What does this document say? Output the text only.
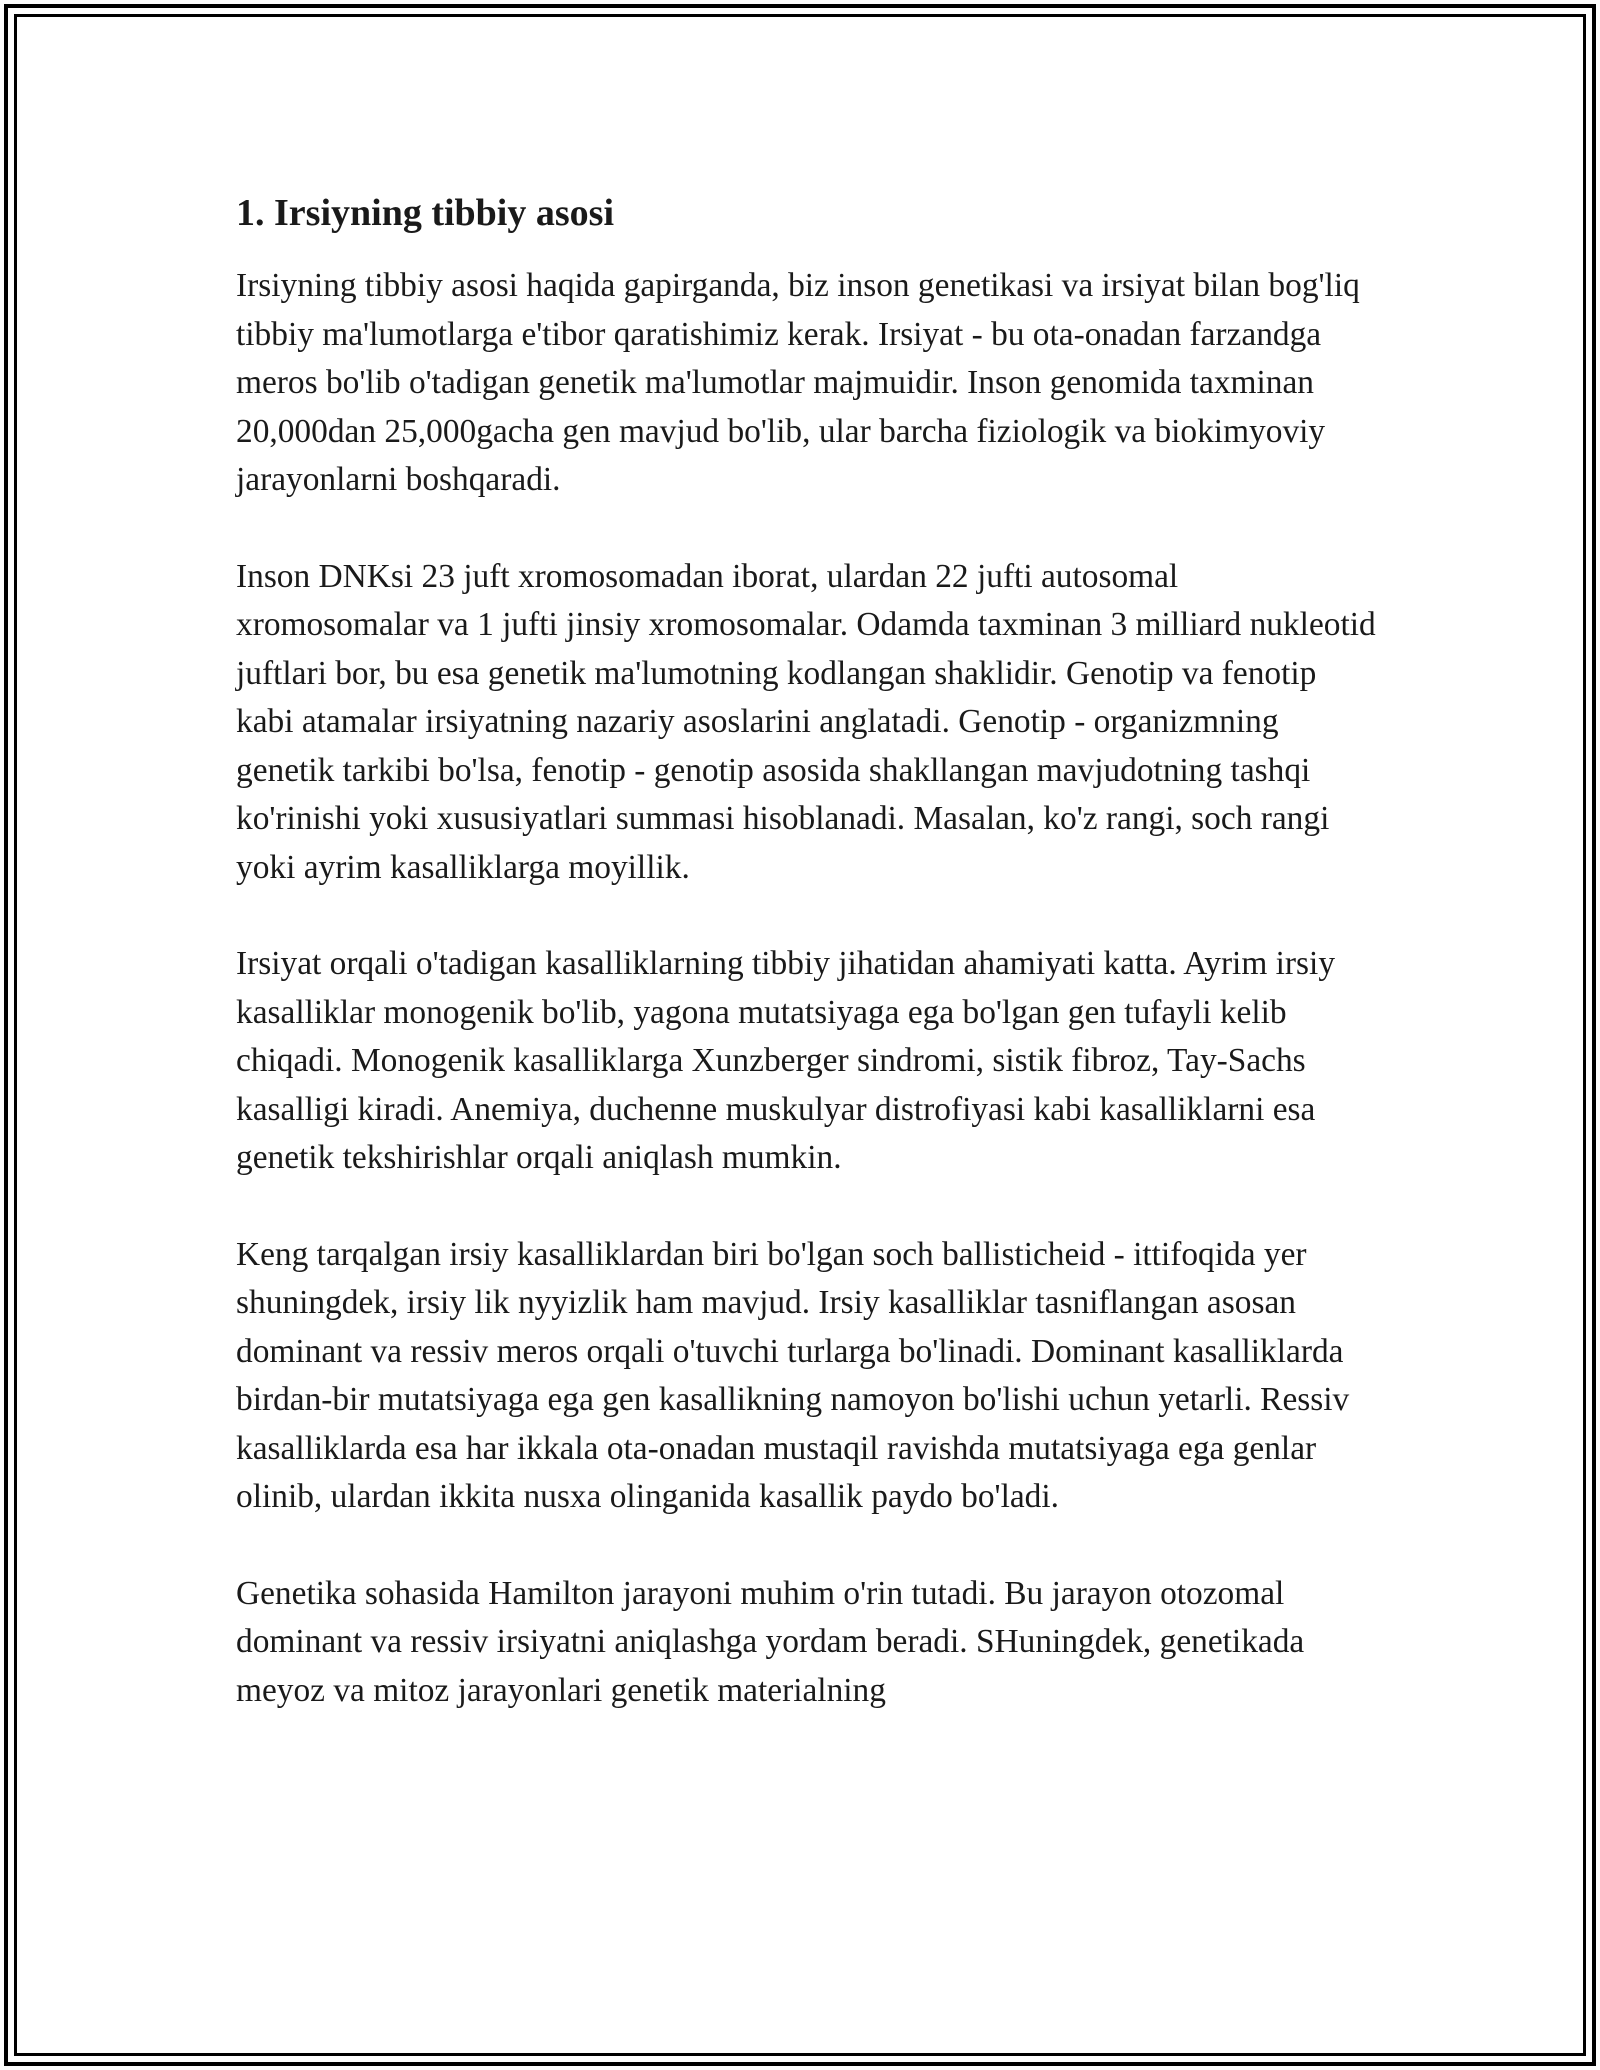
1. Irsiyning tibbiy asosi

Irsiyning tibbiy asosi haqida gapirganda, biz inson genetikasi va irsiyat bilan bog'liq tibbiy ma'lumotlarga e'tibor qaratishimiz kerak. Irsiyat - bu ota-onadan farzandga meros bo'lib o'tadigan genetik ma'lumotlar majmuidir. Inson genomida taxminan 20,000dan 25,000gacha gen mavjud bo'lib, ular barcha fiziologik va biokimyoviy jarayonlarni boshqaradi.

Inson DNKsi 23 juft xromosomadan iborat, ulardan 22 jufti autosomal xromosomalar va 1 jufti jinsiy xromosomalar. Odamda taxminan 3 milliard nukleotid juftlari bor, bu esa genetik ma'lumotning kodlangan shaklidir. Genotip va fenotip kabi atamalar irsiyatning nazariy asoslarini anglatadi. Genotip - organizmning genetik tarkibi bo'lsa, fenotip - genotip asosida shakllangan mavjudotning tashqi ko'rinishi yoki xususiyatlari summasi hisoblanadi. Masalan, ko'z rangi, soch rangi yoki ayrim kasalliklarga moyillik.

Irsiyat orqali o'tadigan kasalliklarning tibbiy jihatidan ahamiyati katta. Ayrim irsiy kasalliklar monogenik bo'lib, yagona mutatsiyaga ega bo'lgan gen tufayli kelib chiqadi. Monogenik kasalliklarga Xunzberger sindromi, sistik fibroz, Tay-Sachs kasalligi kiradi. Anemiya, duchenne muskulyar distrofiyasi kabi kasalliklarni esa genetik tekshirishlar orqali aniqlash mumkin.

Keng tarqalgan irsiy kasalliklardan biri bo'lgan soch ballisticheid - ittifoqida yer shuningdek, irsiy lik nyyizlik ham mavjud. Irsiy kasalliklar tasniflangan asosan dominant va ressiv meros orqali o'tuvchi turlarga bo'linadi. Dominant kasalliklarda birdan-bir mutatsiyaga ega gen kasallikning namoyon bo'lishi uchun yetarli. Ressiv kasalliklarda esa har ikkala ota-onadan mustaqil ravishda mutatsiyaga ega genlar olinib, ulardan ikkita nusxa olinganida kasallik paydo bo'ladi.

Genetika sohasida Hamilton jarayoni muhim o'rin tutadi. Bu jarayon otozomal dominant va ressiv irsiyatni aniqlashga yordam beradi. SHuningdek, genetikada meyoz va mitoz jarayonlari genetik materialning
